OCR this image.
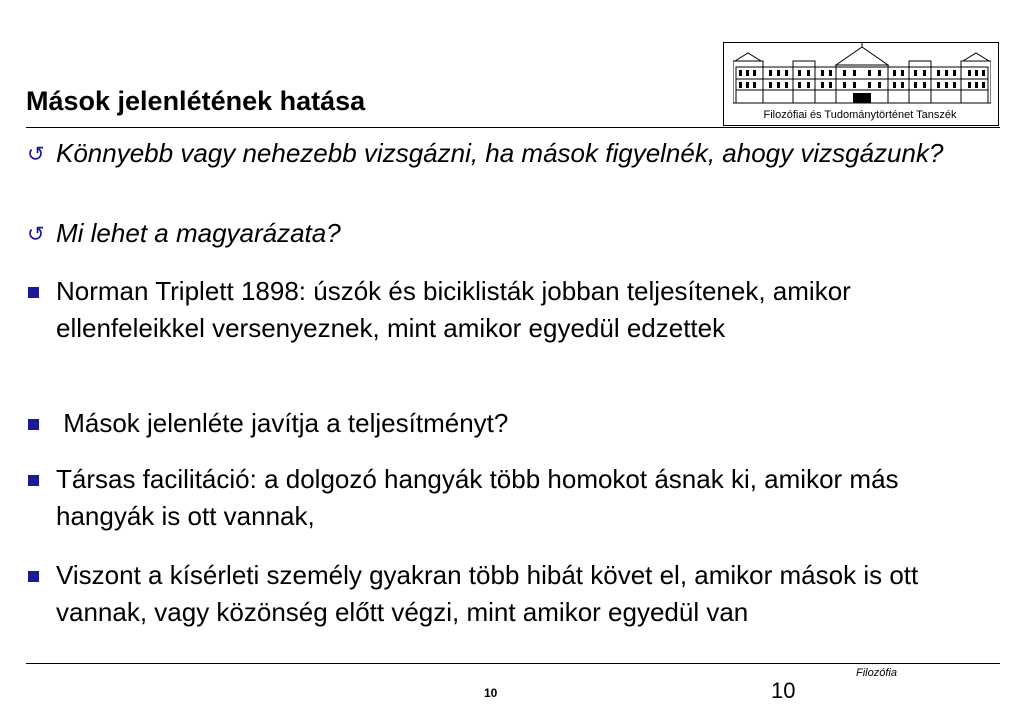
Mások jelenlétének hatása	Filozófiai és Tudománytörténet Tanszék
↺ Könnyebb vagy nehezebb vizsgázni, ha mások figyelnék, ahogy vizsgázunk?
↺ Mi lehet a magyarázata?
Norman Triplett 1898: úszók és biciklisták jobban teljesítenek, amikor ellenfeleikkel versenyeznek, mint amikor egyedül edzettek
Mások jelenléte javítja a teljesítményt?
Társas facilitáció: a dolgozó hangyák több homokot ásnak ki, amikor más hangyák is ott vannak,
Viszont a kísérleti személy gyakran több hibát követ el, amikor mások is ott vannak, vagy közönség előtt végzi, mint amikor egyedül van
Filozófia
10	10
